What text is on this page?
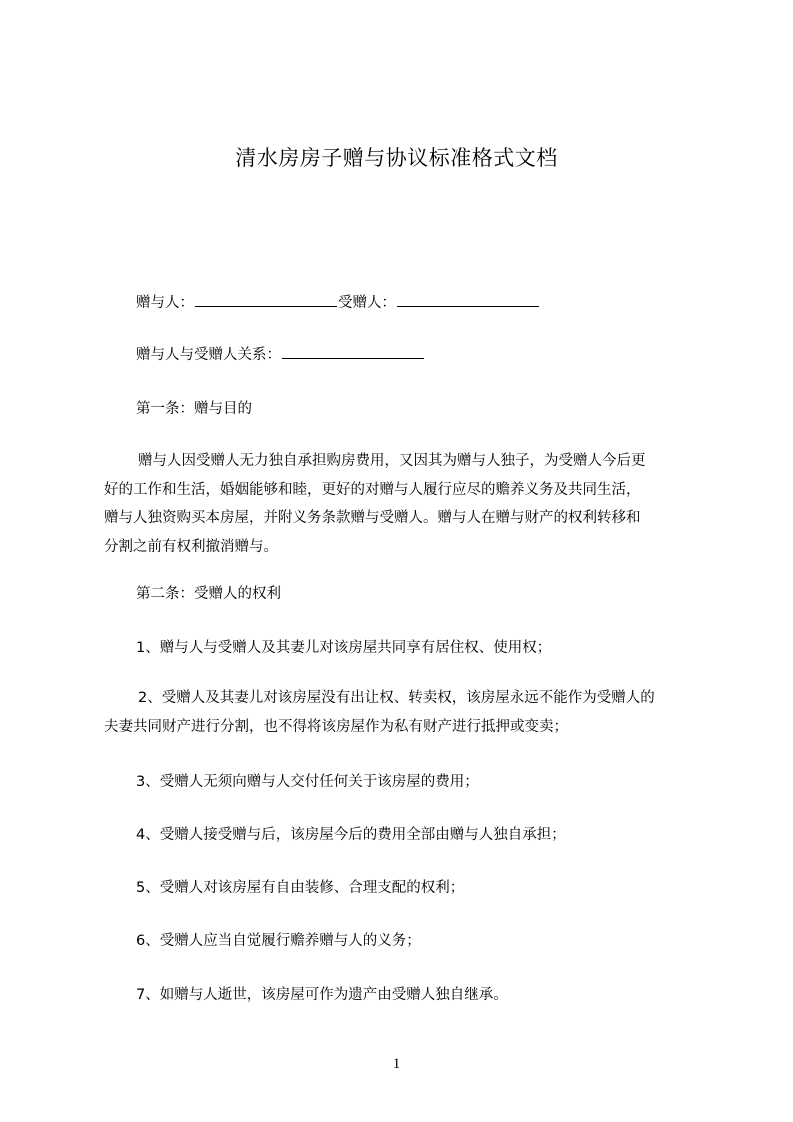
清水房房子赠与协议标准格式文档
赠与人：	受赠人：
赠与人与受赠人关系：
第一条：赠与目的
赠与人因受赠人无力独自承担购房费用，又因其为赠与人独子，为受赠人今后更
好的工作和生活，婚姻能够和睦，更好的对赠与人履行应尽的赡养义务及共同生活，
赠与人独资购买本房屋，并附义务条款赠与受赠人。赠与人在赠与财产的权利转移和
分割之前有权利撤消赠与。
第二条：受赠人的权利
1、赠与人与受赠人及其妻儿对该房屋共同享有居住权、使用权；
2、受赠人及其妻儿对该房屋没有出让权、转卖权，该房屋永远不能作为受赠人的
夫妻共同财产进行分割，也不得将该房屋作为私有财产进行抵押或变卖；
3、受赠人无须向赠与人交付任何关于该房屋的费用；
4、受赠人接受赠与后，该房屋今后的费用全部由赠与人独自承担；
5、受赠人对该房屋有自由装修、合理支配的权利；
6、受赠人应当自觉履行赡养赠与人的义务；
7、如赠与人逝世，该房屋可作为遗产由受赠人独自继承。
1
